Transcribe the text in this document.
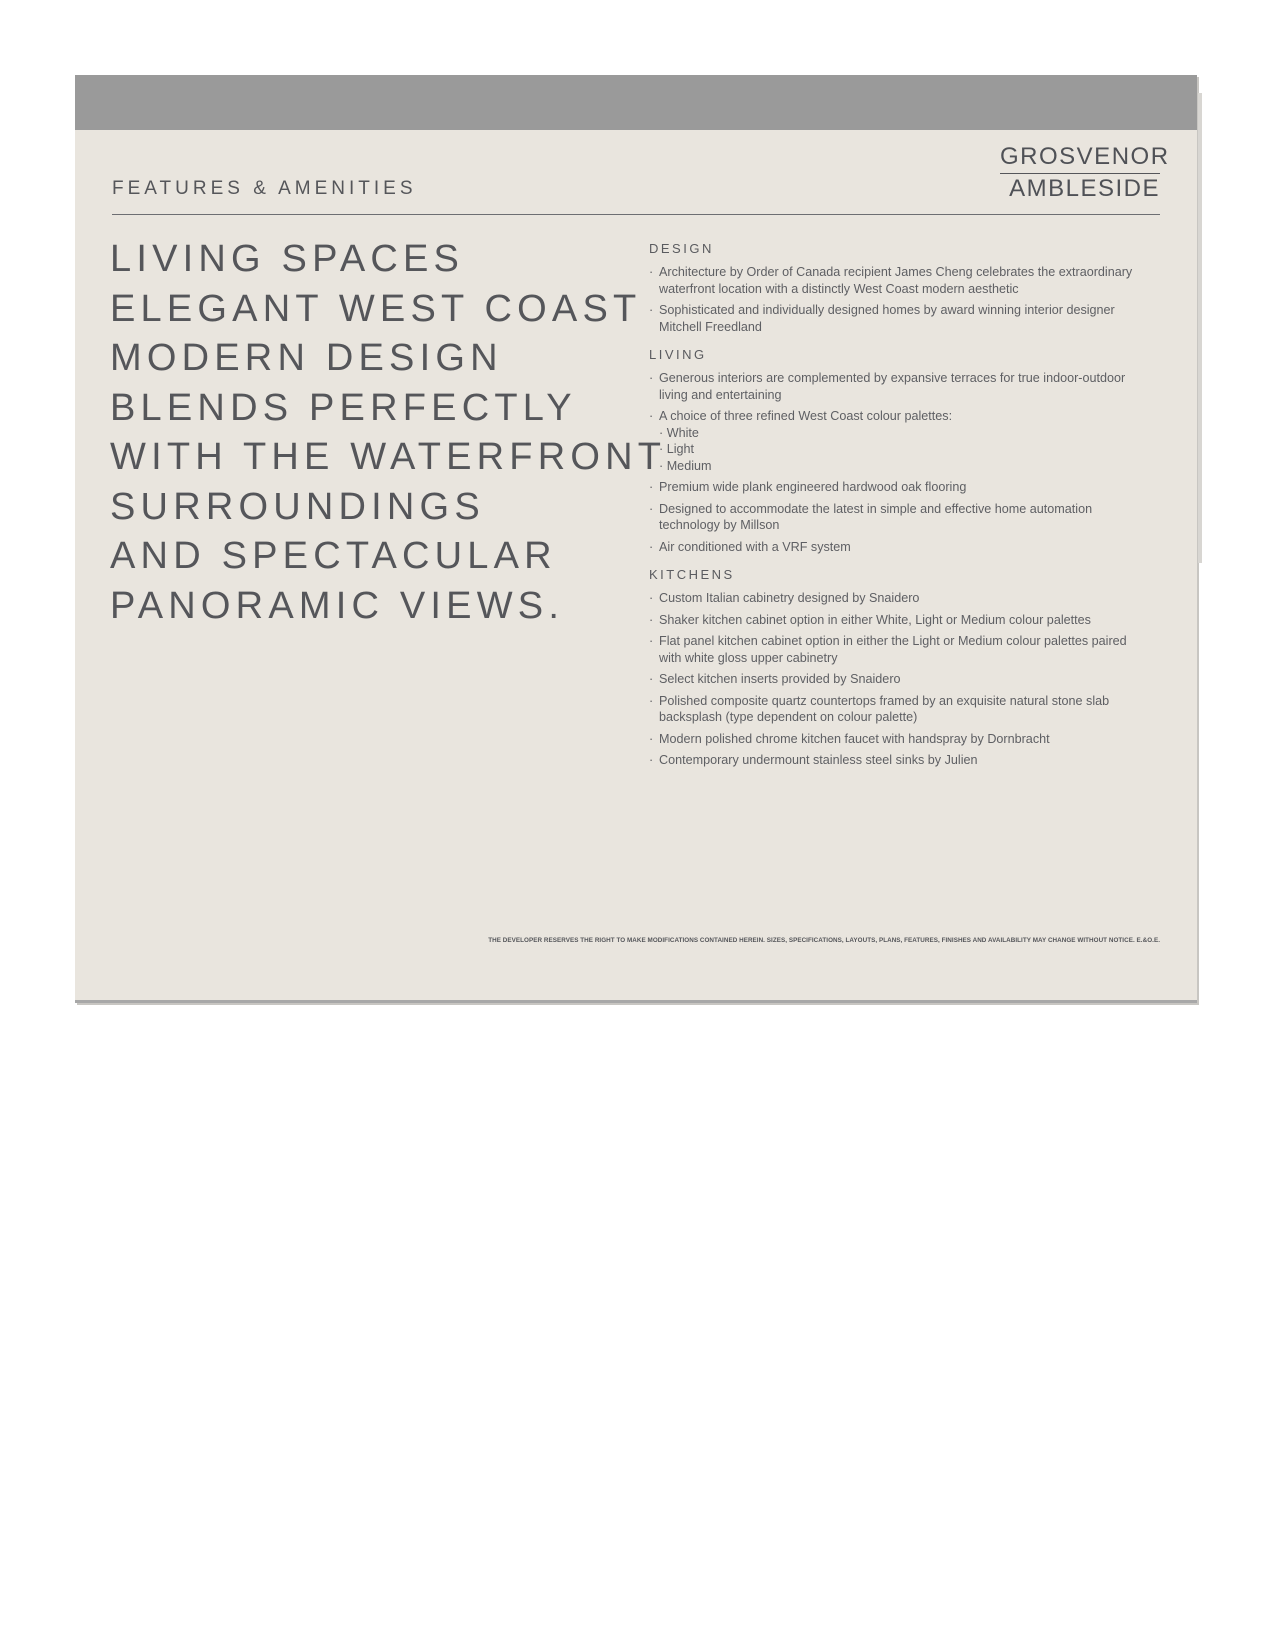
FEATURES & AMENITIES
GROSVENOR
AMBLESIDE
LIVING SPACES
ELEGANT WEST COAST
MODERN DESIGN
BLENDS PERFECTLY
WITH THE WATERFRONT
SURROUNDINGS
AND SPECTACULAR
PANORAMIC VIEWS.
DESIGN
· Architecture by Order of Canada recipient James Cheng celebrates the extraordinary waterfront location with a distinctly West Coast modern aesthetic
· Sophisticated and individually designed homes by award winning interior designer Mitchell Freedland
LIVING
· Generous interiors are complemented by expansive terraces for true indoor-outdoor living and entertaining
· A choice of three refined West Coast colour palettes:
· White
· Light
· Medium
· Premium wide plank engineered hardwood oak flooring
· Designed to accommodate the latest in simple and effective home automation technology by Millson
· Air conditioned with a VRF system
KITCHENS
· Custom Italian cabinetry designed by Snaidero
· Shaker kitchen cabinet option in either White, Light or Medium colour palettes
· Flat panel kitchen cabinet option in either the Light or Medium colour palettes paired with white gloss upper cabinetry
· Select kitchen inserts provided by Snaidero
· Polished composite quartz countertops framed by an exquisite natural stone slab backsplash (type dependent on colour palette)
· Modern polished chrome kitchen faucet with handspray by Dornbracht
· Contemporary undermount stainless steel sinks by Julien
THE DEVELOPER RESERVES THE RIGHT TO MAKE MODIFICATIONS CONTAINED HEREIN. SIZES, SPECIFICATIONS, LAYOUTS, PLANS, FEATURES, FINISHES AND AVAILABILITY MAY CHANGE WITHOUT NOTICE. E.&O.E.
